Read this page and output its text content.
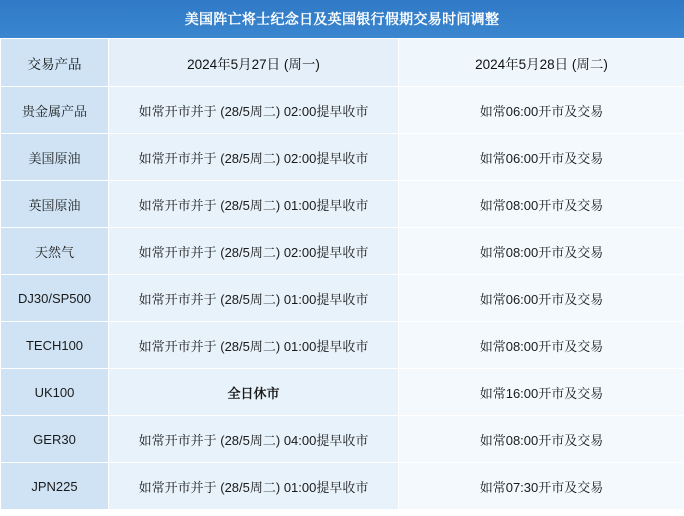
美国阵亡将士纪念日及英国银行假期交易时间调整
交易产品	2024年5月27日 (周一)	2024年5月28日 (周二)
贵金属产品	如常开市并于 (28/5周二) 02:00提早收市	如常06:00开市及交易
美国原油	如常开市并于 (28/5周二) 02:00提早收市	如常06:00开市及交易
英国原油	如常开市并于 (28/5周二) 01:00提早收市	如常08:00开市及交易
天然气	如常开市并于 (28/5周二) 02:00提早收市	如常08:00开市及交易
DJ30/SP500	如常开市并于 (28/5周二) 01:00提早收市	如常06:00开市及交易
TECH100	如常开市并于 (28/5周二) 01:00提早收市	如常08:00开市及交易
UK100	全日休市	如常16:00开市及交易
GER30	如常开市并于 (28/5周二) 04:00提早收市	如常08:00开市及交易
JPN225	如常开市并于 (28/5周二) 01:00提早收市	如常07:30开市及交易
